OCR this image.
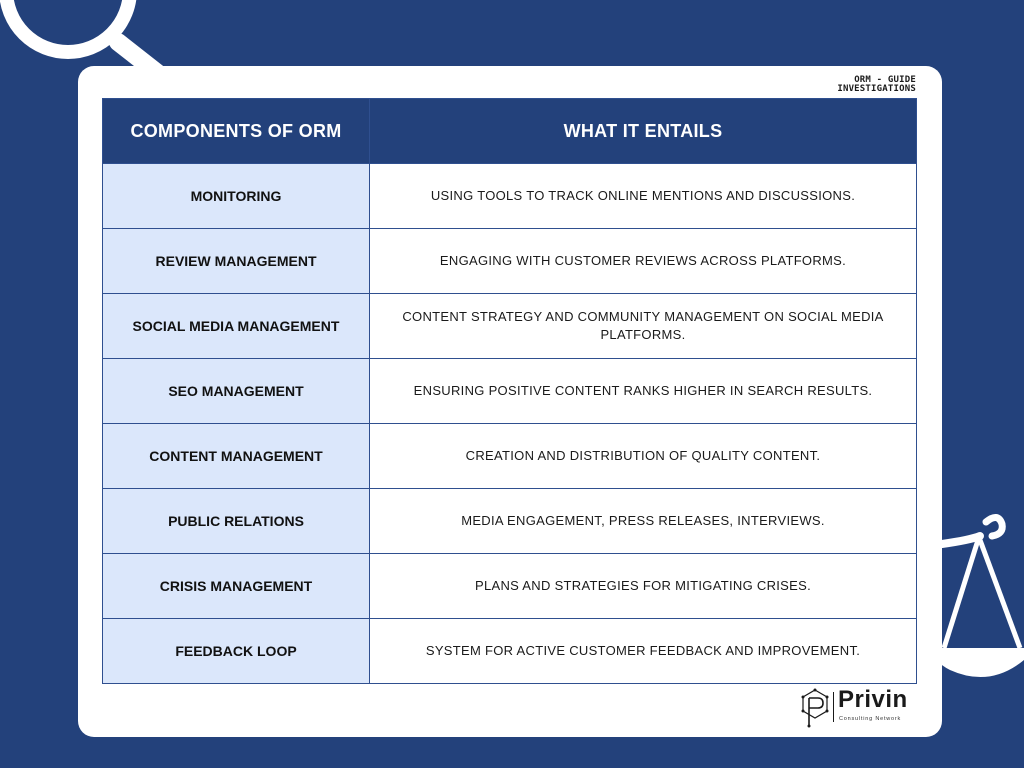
ORM - GUIDE
INVESTIGATIONS
COMPONENTS OF ORM	WHAT IT ENTAILS
MONITORING	USING TOOLS TO TRACK ONLINE MENTIONS AND DISCUSSIONS.
REVIEW MANAGEMENT	ENGAGING WITH CUSTOMER REVIEWS ACROSS PLATFORMS.
SOCIAL MEDIA MANAGEMENT	CONTENT STRATEGY AND COMMUNITY MANAGEMENT ON SOCIAL MEDIA PLATFORMS.
SEO MANAGEMENT	ENSURING POSITIVE CONTENT RANKS HIGHER IN SEARCH RESULTS.
CONTENT MANAGEMENT	CREATION AND DISTRIBUTION OF QUALITY CONTENT.
PUBLIC RELATIONS	MEDIA ENGAGEMENT, PRESS RELEASES, INTERVIEWS.
CRISIS MANAGEMENT	PLANS AND STRATEGIES FOR MITIGATING CRISES.
FEEDBACK LOOP	SYSTEM FOR ACTIVE CUSTOMER FEEDBACK AND IMPROVEMENT.
Privin
Consulting Network
